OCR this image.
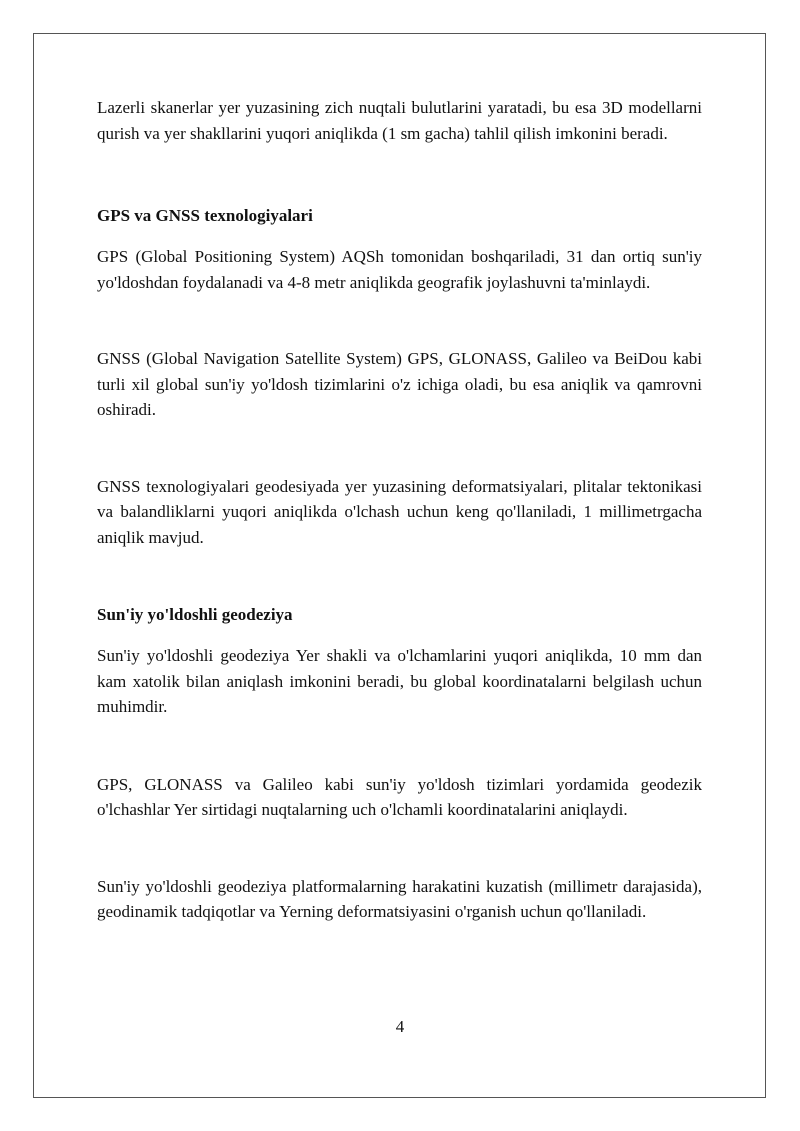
Lazerli skanerlar yer yuzasining zich nuqtali bulutlarini yaratadi, bu esa 3D modellarni qurish va yer shakllarini yuqori aniqlikda (1 sm gacha) tahlil qilish imkonini beradi.

GPS va GNSS texnologiyalari

GPS (Global Positioning System) AQSh tomonidan boshqariladi, 31 dan ortiq sun'iy yo'ldoshdan foydalanadi va 4-8 metr aniqlikda geografik joylashuvni ta'minlaydi.

GNSS (Global Navigation Satellite System) GPS, GLONASS, Galileo va BeiDou kabi turli xil global sun'iy yo'ldosh tizimlarini o'z ichiga oladi, bu esa aniqlik va qamrovni oshiradi.

GNSS texnologiyalari geodesiyada yer yuzasining deformatsiyalari, plitalar tektonikasi va balandliklarni yuqori aniqlikda o'lchash uchun keng qo'llaniladi, 1 millimetrgacha aniqlik mavjud.

Sun'iy yo'ldoshli geodeziya

Sun'iy yo'ldoshli geodeziya Yer shakli va o'lchamlarini yuqori aniqlikda, 10 mm dan kam xatolik bilan aniqlash imkonini beradi, bu global koordinatalarni belgilash uchun muhimdir.

GPS, GLONASS va Galileo kabi sun'iy yo'ldosh tizimlari yordamida geodezik o'lchashlar Yer sirtidagi nuqtalarning uch o'lchamli koordinatalarini aniqlaydi.

Sun'iy yo'ldoshli geodeziya platformalarning harakatini kuzatish (millimetr darajasida), geodinamik tadqiqotlar va Yerning deformatsiyasini o'rganish uchun qo'llaniladi.

4
